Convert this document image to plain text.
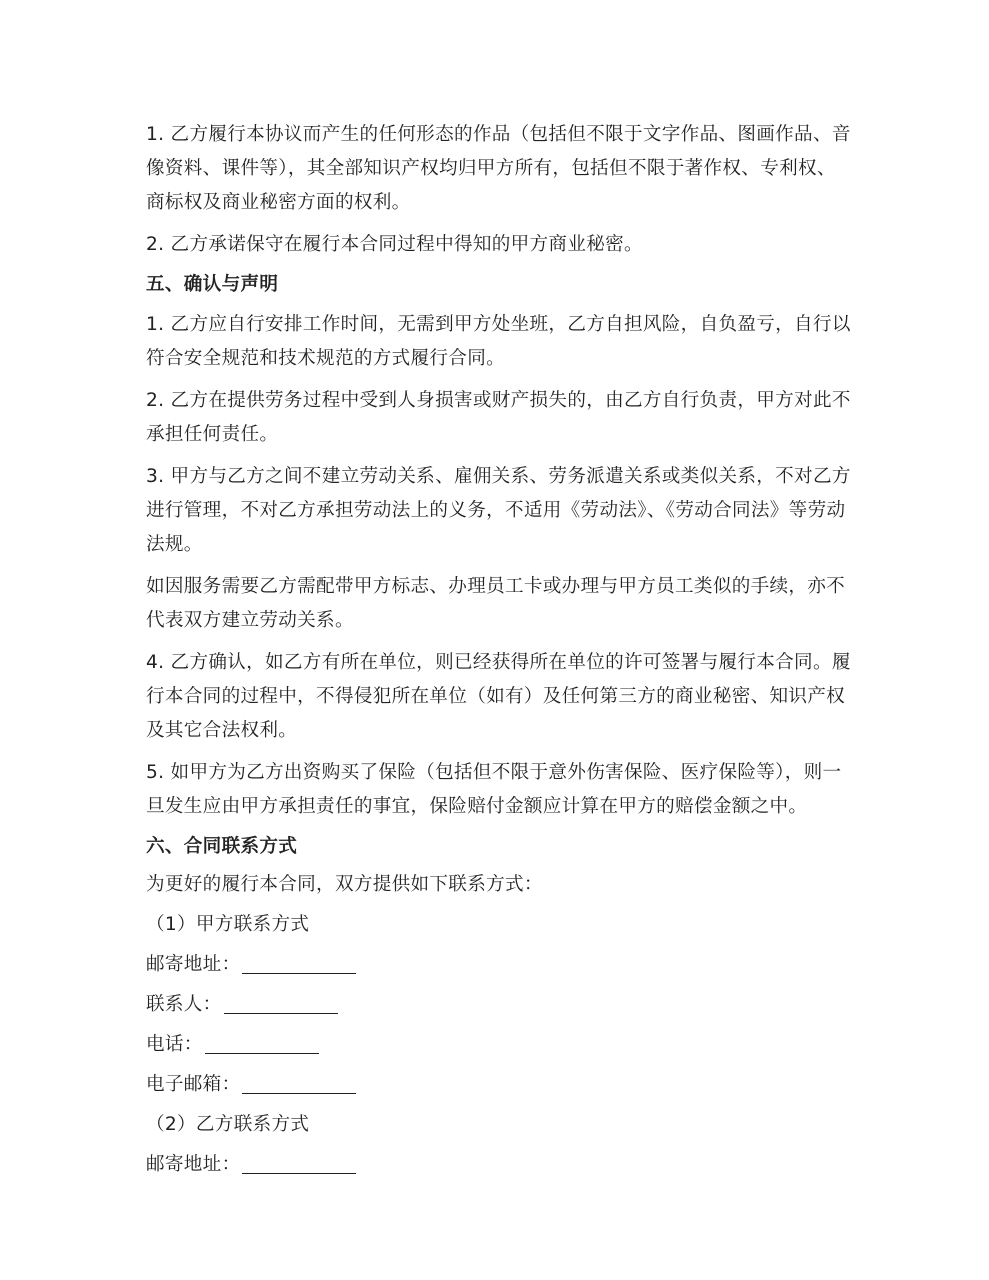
1. 乙方履行本协议而产生的任何形态的作品（包括但不限于文字作品、图画作品、音像资料、课件等），其全部知识产权均归甲方所有，包括但不限于著作权、专利权、商标权及商业秘密方面的权利。

2. 乙方承诺保守在履行本合同过程中得知的甲方商业秘密。

五、确认与声明

1. 乙方应自行安排工作时间，无需到甲方处坐班，乙方自担风险，自负盈亏，自行以符合安全规范和技术规范的方式履行合同。

2. 乙方在提供劳务过程中受到人身损害或财产损失的，由乙方自行负责，甲方对此不承担任何责任。

3. 甲方与乙方之间不建立劳动关系、雇佣关系、劳务派遣关系或类似关系，不对乙方进行管理，不对乙方承担劳动法上的义务，不适用《劳动法》、《劳动合同法》等劳动法规。

如因服务需要乙方需配带甲方标志、办理员工卡或办理与甲方员工类似的手续，亦不代表双方建立劳动关系。

4. 乙方确认，如乙方有所在单位，则已经获得所在单位的许可签署与履行本合同。履行本合同的过程中，不得侵犯所在单位（如有）及任何第三方的商业秘密、知识产权及其它合法权利。

5. 如甲方为乙方出资购买了保险（包括但不限于意外伤害保险、医疗保险等），则一旦发生应由甲方承担责任的事宜，保险赔付金额应计算在甲方的赔偿金额之中。

六、合同联系方式
为更好的履行本合同，双方提供如下联系方式：
（1）甲方联系方式
邮寄地址：
联系人：
电话：
电子邮箱：
（2）乙方联系方式
邮寄地址：
